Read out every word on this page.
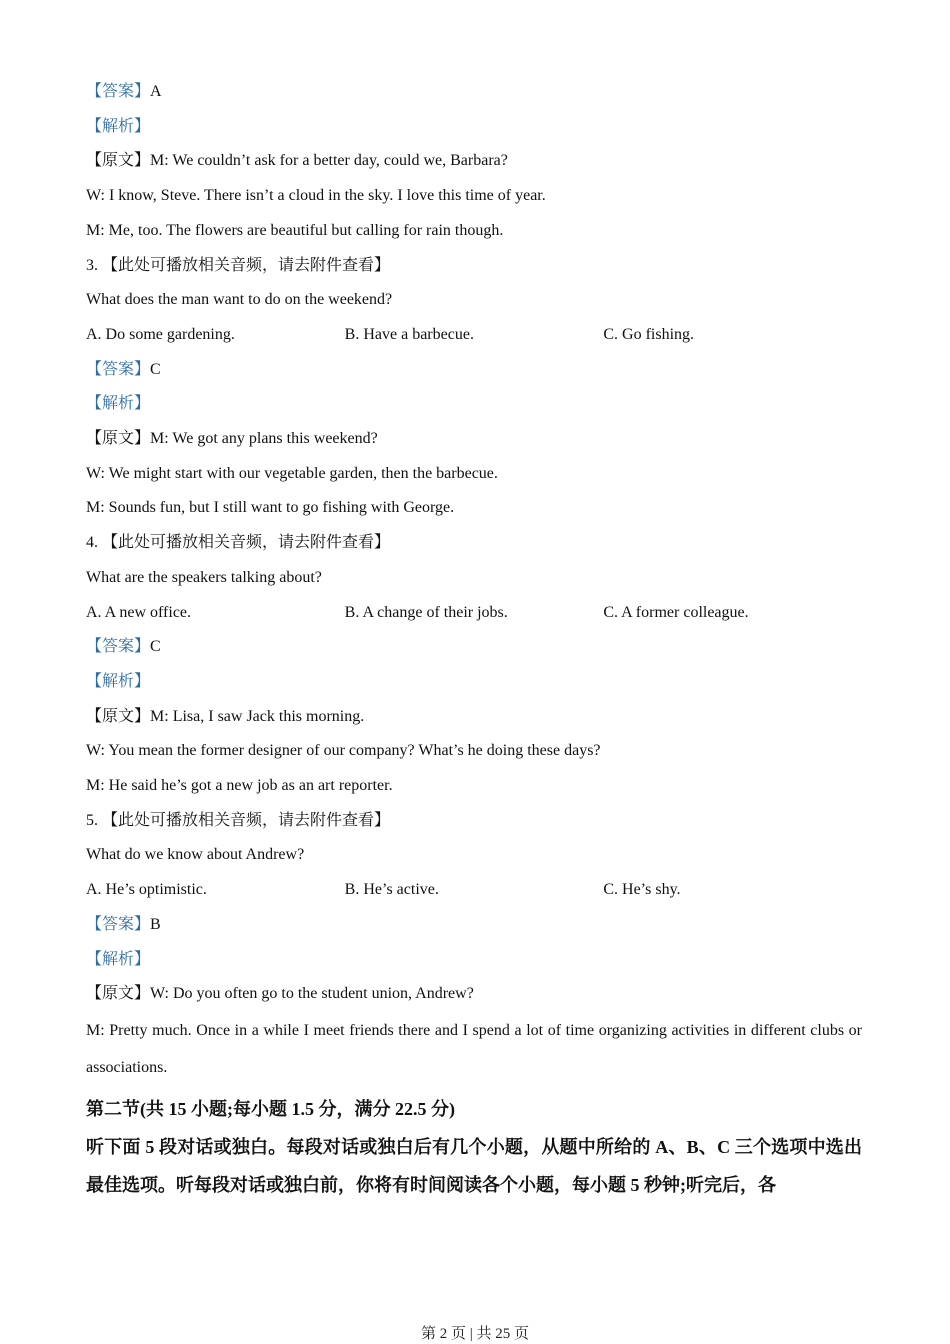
【答案】A
【解析】
【原文】M: We couldn’t ask for a better day, could we, Barbara?
W: I know, Steve. There isn’t a cloud in the sky. I love this time of year.
M: Me, too. The flowers are beautiful but calling for rain though.
3. 【此处可播放相关音频，请去附件查看】
What does the man want to do on the weekend?
A. Do some gardening.	B. Have a barbecue.	C. Go fishing.
【答案】C
【解析】
【原文】M: We got any plans this weekend?
W: We might start with our vegetable garden, then the barbecue.
M: Sounds fun, but I still want to go fishing with George.
4. 【此处可播放相关音频，请去附件查看】
What are the speakers talking about?
A. A new office.	B. A change of their jobs.	C. A former colleague.
【答案】C
【解析】
【原文】M: Lisa, I saw Jack this morning.
W: You mean the former designer of our company? What’s he doing these days?
M: He said he’s got a new job as an art reporter.
5. 【此处可播放相关音频，请去附件查看】
What do we know about Andrew?
A. He’s optimistic.	B. He’s active.	C. He’s shy.
【答案】B
【解析】
【原文】W: Do you often go to the student union, Andrew?
M: Pretty much. Once in a while I meet friends there and I spend a lot of time organizing activities in different clubs or associations.
第二节(共 15 小题;每小题 1.5 分，满分 22.5 分)
听下面 5 段对话或独白。每段对话或独白后有几个小题，从题中所给的 A、B、C 三个选项中选出最佳选项。听每段对话或独白前，你将有时间阅读各个小题，每小题 5 秒钟;听完后，各
第 2 页 | 共 25 页
